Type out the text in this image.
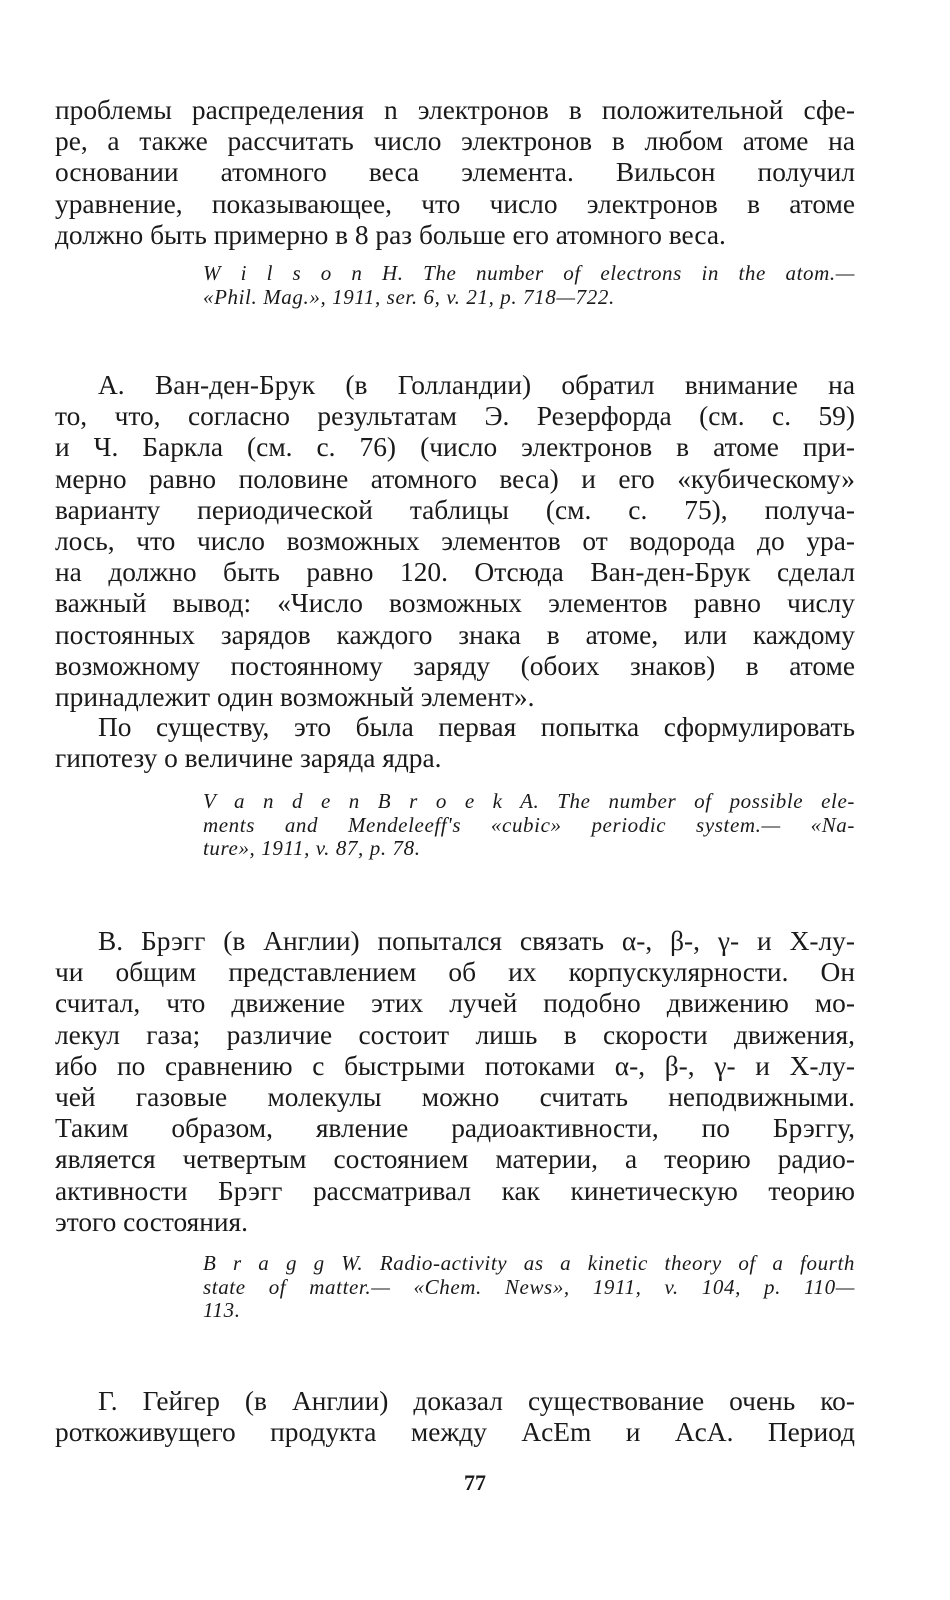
проблемы распределения n электронов в положительной сфе-
ре, а также рассчитать число электронов в любом атоме на
основании атомного веса элемента. Вильсон получил
уравнение, показывающее, что число электронов в атоме
должно быть примерно в 8 раз больше его атомного веса.
W i l s o n H. The number of electrons in the atom.—
«Phil. Mag.», 1911, ser. 6, v. 21, p. 718—722.
А. Ван-ден-Брук (в Голландии) обратил внимание на
то, что, согласно результатам Э. Резерфорда (см. с. 59)
и Ч. Баркла (см. с. 76) (число электронов в атоме при-
мерно равно половине атомного веса) и его «кубическому»
варианту периодической таблицы (см. с. 75), получа-
лось, что число возможных элементов от водорода до ура-
на должно быть равно 120. Отсюда Ван-ден-Брук сделал
важный вывод: «Число возможных элементов равно числу
постоянных зарядов каждого знака в атоме, или каждому
возможному постоянному заряду (обоих знаков) в атоме
принадлежит один возможный элемент».
По существу, это была первая попытка сформулировать
гипотезу о величине заряда ядра.
V a n d e n B r o e k A. The number of possible ele-
ments and Mendeleeff's «cubic» periodic system.— «Na-
ture», 1911, v. 87, p. 78.
В. Брэгг (в Англии) попытался связать α-, β-, γ- и X-лу-
чи общим представлением об их корпускулярности. Он
считал, что движение этих лучей подобно движению мо-
лекул газа; различие состоит лишь в скорости движения,
ибо по сравнению с быстрыми потоками α-, β-, γ- и X-лу-
чей газовые молекулы можно считать неподвижными.
Таким образом, явление радиоактивности, по Брэггу,
является четвертым состоянием материи, а теорию радио-
активности Брэгг рассматривал как кинетическую теорию
этого состояния.
B r a g g W. Radio-activity as a kinetic theory of a fourth
state of matter.— «Chem. News», 1911, v. 104, p. 110—
113.
Г. Гейгер (в Англии) доказал существование очень ко-
роткоживущего продукта между AcEm и AcA. Период
77
